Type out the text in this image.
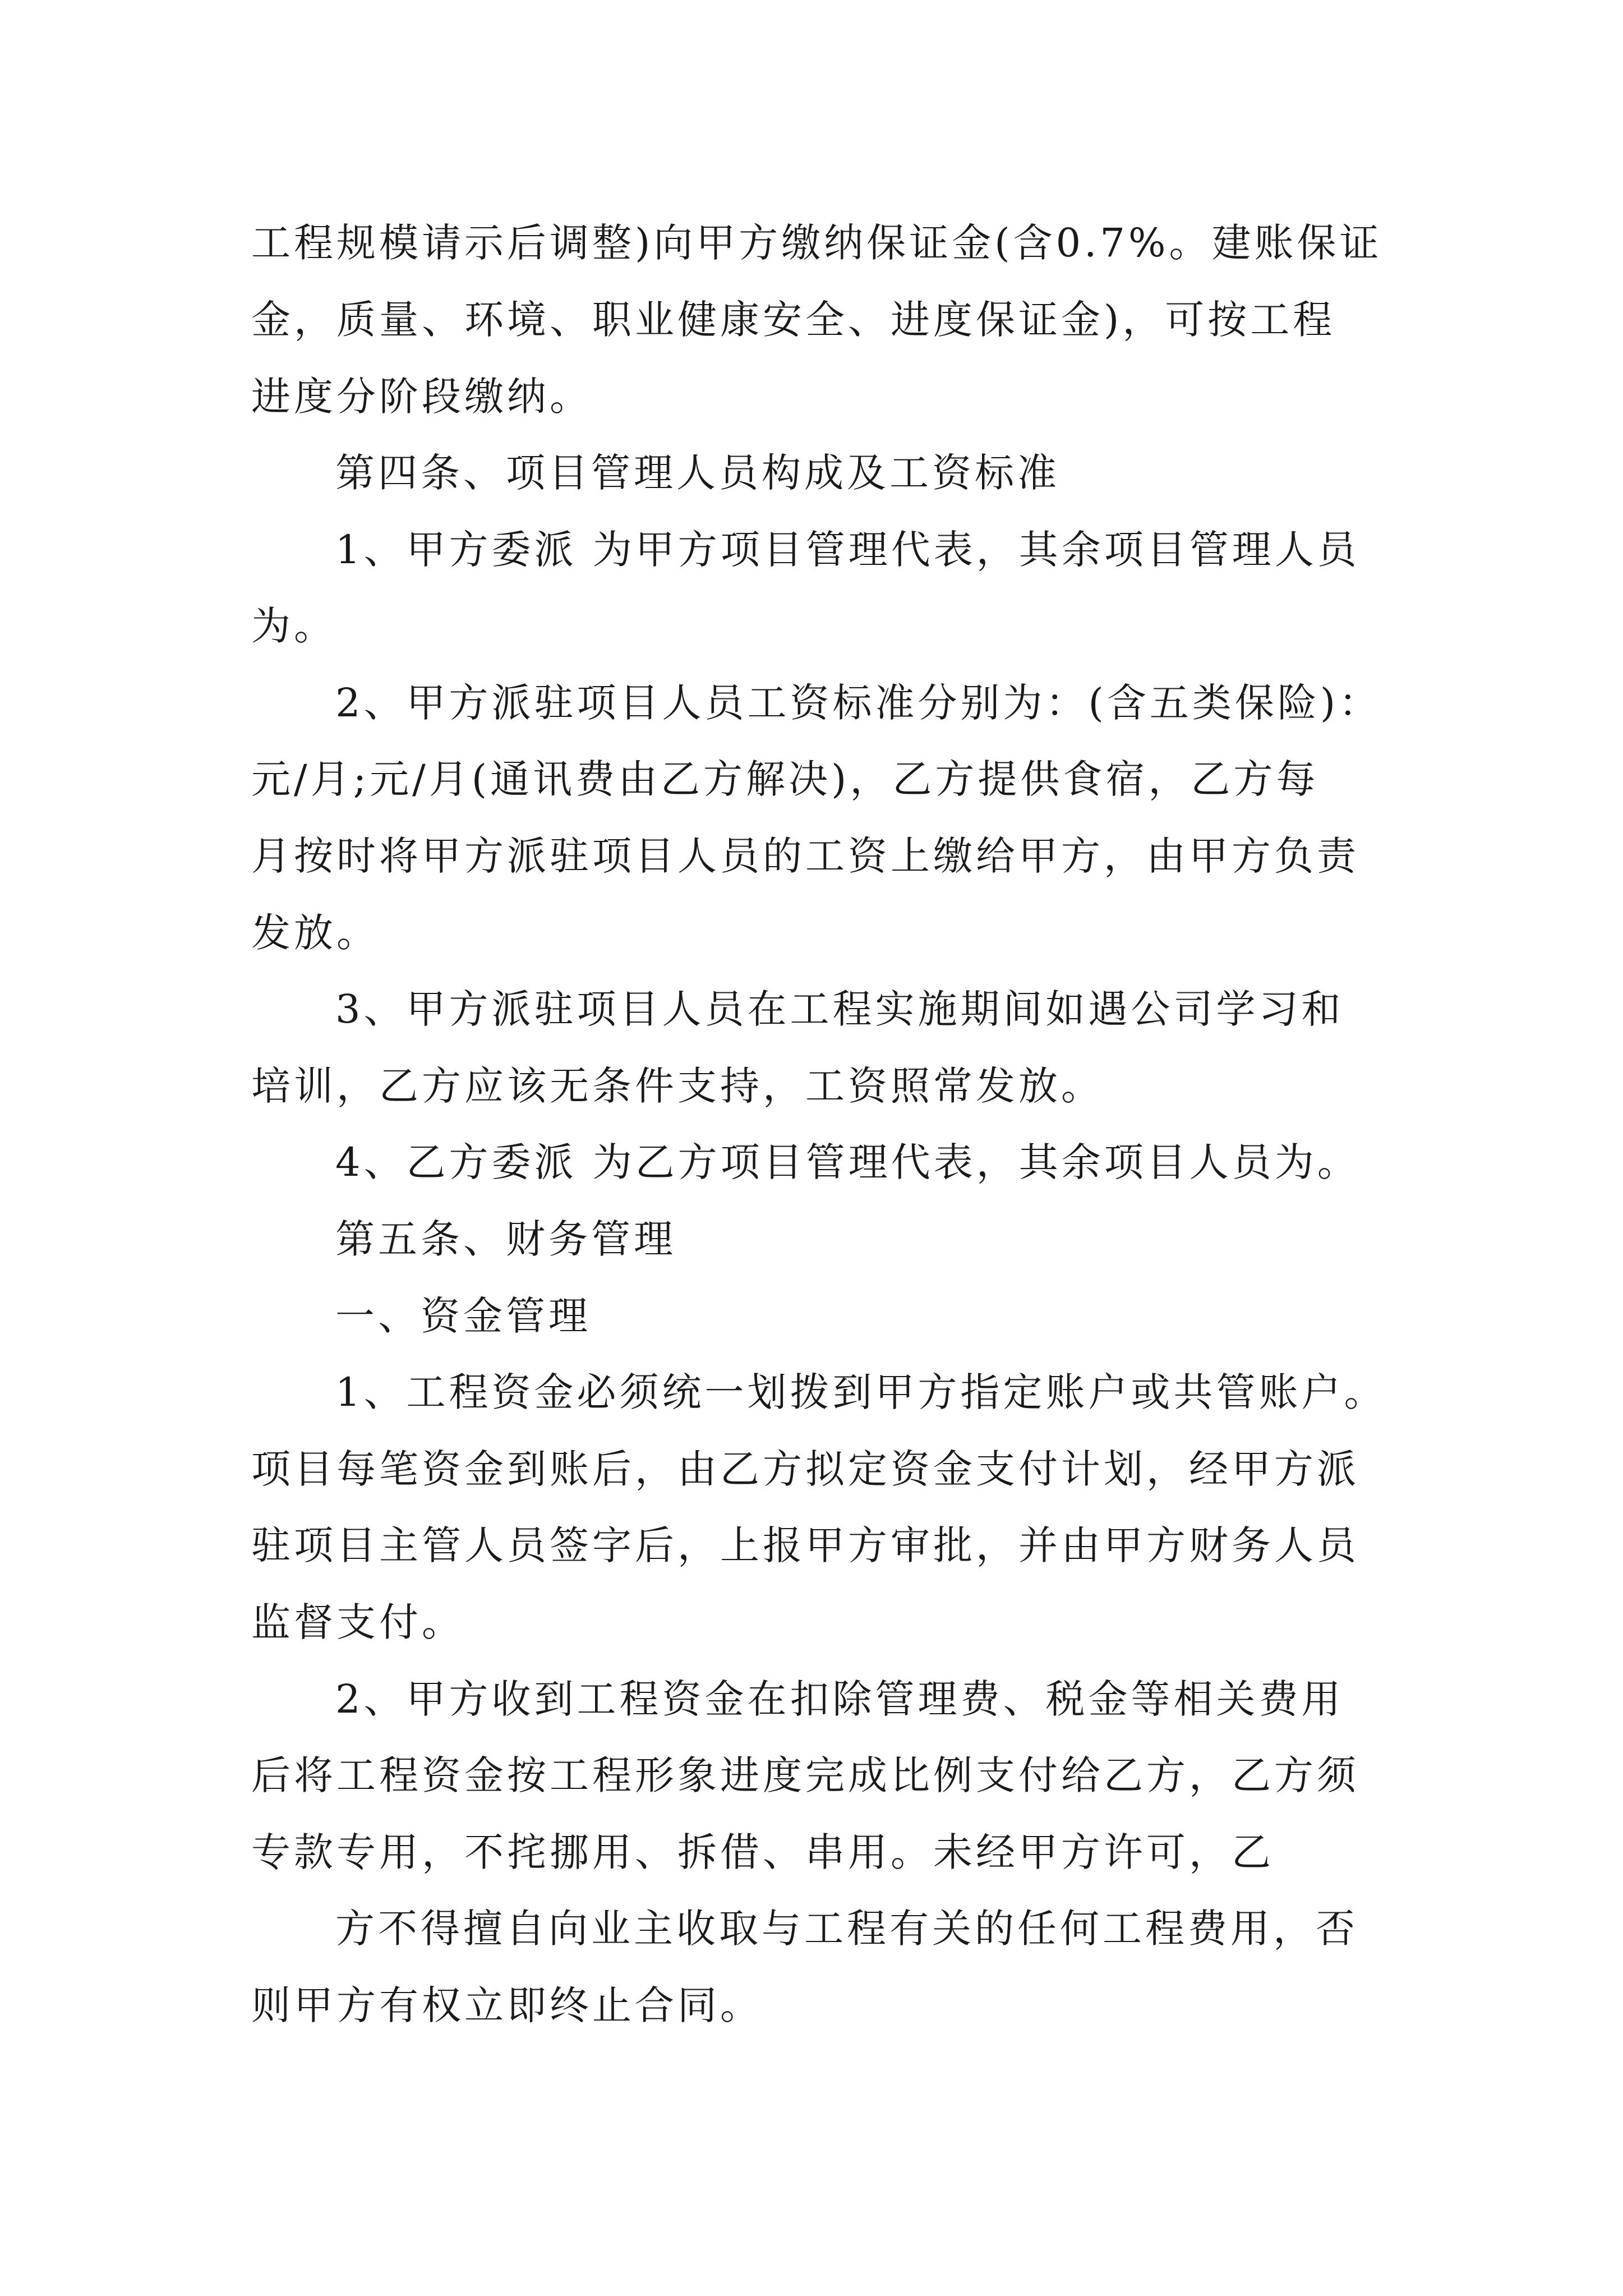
工程规模请示后调整)向甲方缴纳保证金(含0.7%。建账保证
金，质量、环境、职业健康安全、进度保证金)，可按工程
进度分阶段缴纳。
第四条、项目管理人员构成及工资标准
1、甲方委派 为甲方项目管理代表，其余项目管理人员
为。
2、甲方派驻项目人员工资标准分别为：(含五类保险)：
元/月;元/月(通讯费由乙方解决)，乙方提供食宿，乙方每
月按时将甲方派驻项目人员的工资上缴给甲方，由甲方负责
发放。
3、甲方派驻项目人员在工程实施期间如遇公司学习和
培训，乙方应该无条件支持，工资照常发放。
4、乙方委派 为乙方项目管理代表，其余项目人员为。
第五条、财务管理
一、资金管理
1、工程资金必须统一划拨到甲方指定账户或共管账户。
项目每笔资金到账后，由乙方拟定资金支付计划，经甲方派
驻项目主管人员签字后，上报甲方审批，并由甲方财务人员
监督支付。
2、甲方收到工程资金在扣除管理费、税金等相关费用
后将工程资金按工程形象进度完成比例支付给乙方，乙方须
专款专用，不挓挪用、拆借、串用。未经甲方许可，乙
方不得擅自向业主收取与工程有关的任何工程费用，否
则甲方有权立即终止合同。
